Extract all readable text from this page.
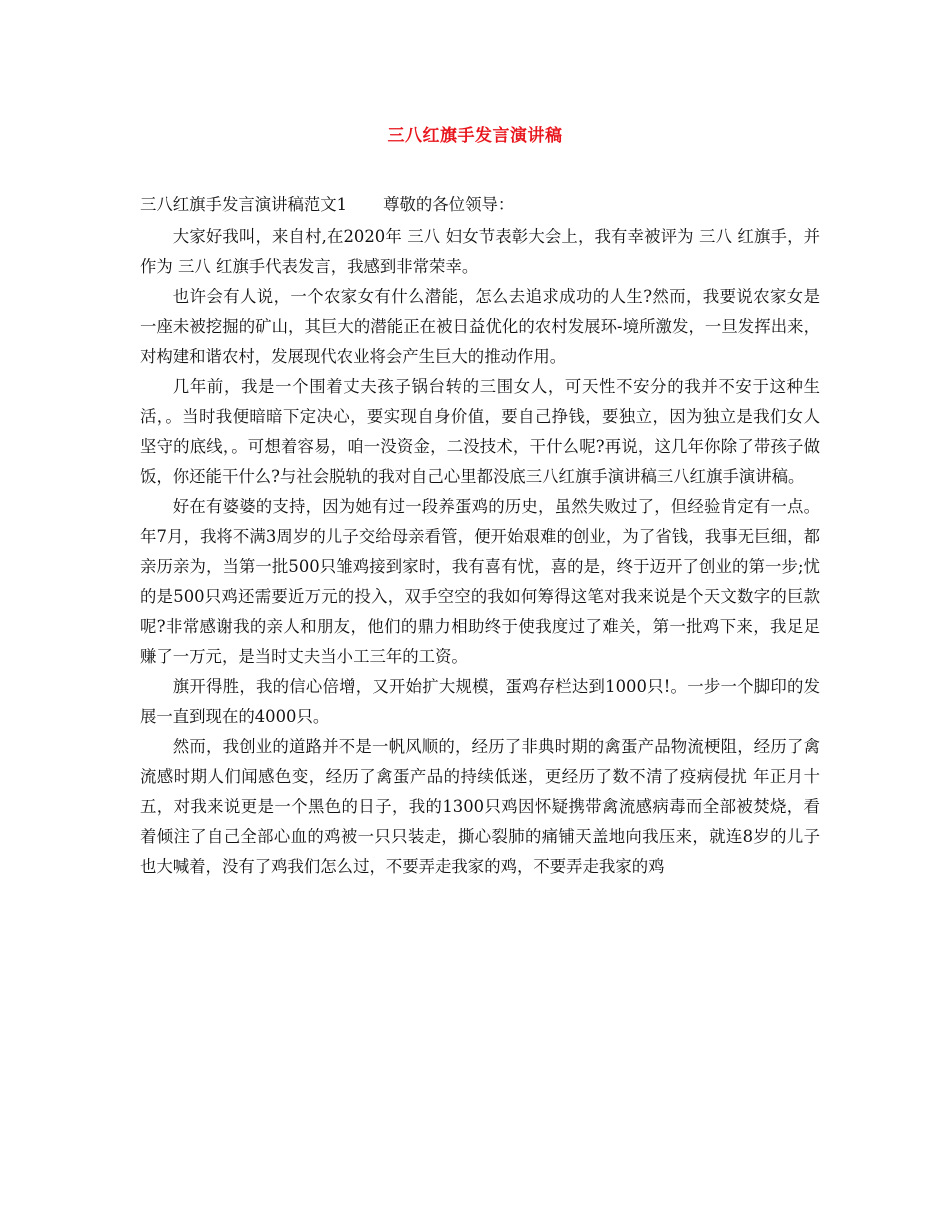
三八红旗手发言演讲稿

三八红旗手发言演讲稿范文1 尊敬的各位领导：

大家好我叫，来自村,在2020年 三八 妇女节表彰大会上，我有幸被评为 三八 红旗手，并作为 三八 红旗手代表发言，我感到非常荣幸。

也许会有人说，一个农家女有什么潜能，怎么去追求成功的人生?然而，我要说农家女是一座未被挖掘的矿山，其巨大的潜能正在被日益优化的农村发展环-境所激发，一旦发挥出来，对构建和谐农村，发展现代农业将会产生巨大的推动作用。

几年前，我是一个围着丈夫孩子锅台转的三围女人，可天性不安分的我并不安于这种生活，。当时我便暗暗下定决心，要实现自身价值，要自己挣钱，要独立，因为独立是我们女人坚守的底线，。可想着容易，咱一没资金，二没技术，干什么呢?再说，这几年你除了带孩子做饭，你还能干什么?与社会脱轨的我对自己心里都没底三八红旗手演讲稿三八红旗手演讲稿。

好在有婆婆的支持，因为她有过一段养蛋鸡的历史，虽然失败过了，但经验肯定有一点。年7月，我将不满3周岁的儿子交给母亲看管，便开始艰难的创业，为了省钱，我事无巨细，都亲历亲为，当第一批500只雏鸡接到家时，我有喜有忧，喜的是，终于迈开了创业的第一步;忧的是500只鸡还需要近万元的投入，双手空空的我如何筹得这笔对我来说是个天文数字的巨款呢?非常感谢我的亲人和朋友，他们的鼎力相助终于使我度过了难关，第一批鸡下来，我足足赚了一万元，是当时丈夫当小工三年的工资。

旗开得胜，我的信心倍增，又开始扩大规模，蛋鸡存栏达到1000只!。一步一个脚印的发展一直到现在的4000只。

然而，我创业的道路并不是一帆风顺的，经历了非典时期的禽蛋产品物流梗阻，经历了禽流感时期人们闻感色变，经历了禽蛋产品的持续低迷，更经历了数不清了疫病侵扰 年正月十五，对我来说更是一个黑色的日子，我的1300只鸡因怀疑携带禽流感病毒而全部被焚烧，看着倾注了自己全部心血的鸡被一只只装走，撕心裂肺的痛铺天盖地向我压来，就连8岁的儿子也大喊着，没有了鸡我们怎么过，不要弄走我家的鸡，不要弄走我家的鸡
